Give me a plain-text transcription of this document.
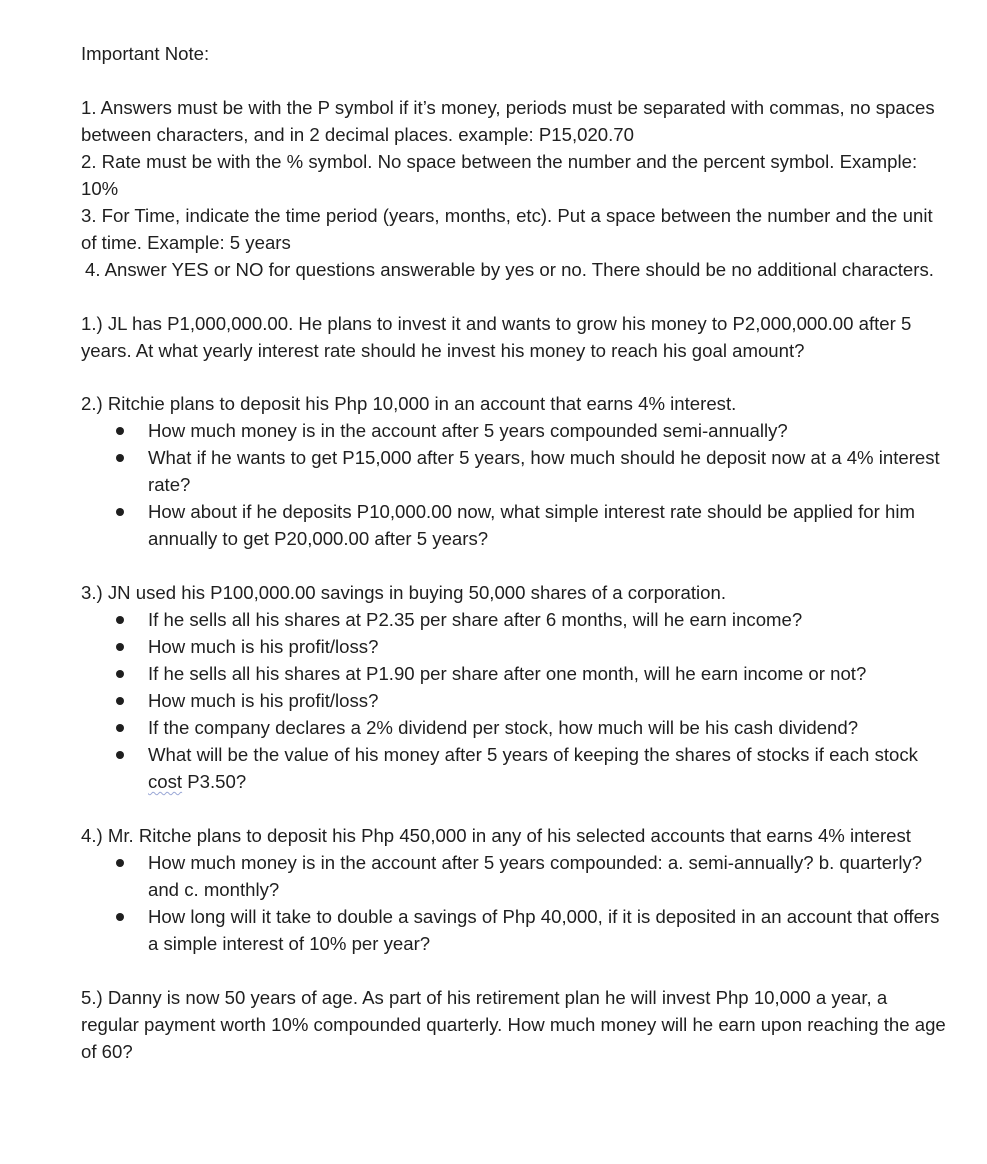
Important Note:

1. Answers must be with the P symbol if it’s money, periods must be separated with commas, no spaces between characters, and in 2 decimal places. example: P15,020.70

2. Rate must be with the % symbol. No space between the number and the percent symbol. Example: 10%

3. For Time, indicate the time period (years, months, etc). Put a space between the number and the unit of time. Example: 5 years

4. Answer YES or NO for questions answerable by yes or no. There should be no additional characters.

1.) JL has P1,000,000.00. He plans to invest it and wants to grow his money to P2,000,000.00 after 5 years. At what yearly interest rate should he invest his money to reach his goal amount?

2.) Ritchie plans to deposit his Php 10,000 in an account that earns 4% interest.

How much money is in the account after 5 years compounded semi-annually?
What if he wants to get P15,000 after 5 years, how much should he deposit now at a 4% interest rate?
How about if he deposits P10,000.00 now, what simple interest rate should be applied for him annually to get P20,000.00 after 5 years?

3.) JN used his P100,000.00 savings in buying 50,000 shares of a corporation.

If he sells all his shares at P2.35 per share after 6 months, will he earn income?
How much is his profit/loss?
If he sells all his shares at P1.90 per share after one month, will he earn income or not?
How much is his profit/loss?
If the company declares a 2% dividend per stock, how much will be his cash dividend?
What will be the value of his money after 5 years of keeping the shares of stocks if each stock cost P3.50?

4.) Mr. Ritche plans to deposit his Php 450,000 in any of his selected accounts that earns 4% interest

How much money is in the account after 5 years compounded: a. semi-annually? b. quarterly? and c. monthly?
How long will it take to double a savings of Php 40,000, if it is deposited in an account that offers a simple interest of 10% per year?

5.) Danny is now 50 years of age. As part of his retirement plan he will invest Php 10,000 a year, a regular payment worth 10% compounded quarterly. How much money will he earn upon reaching the age of 60?
